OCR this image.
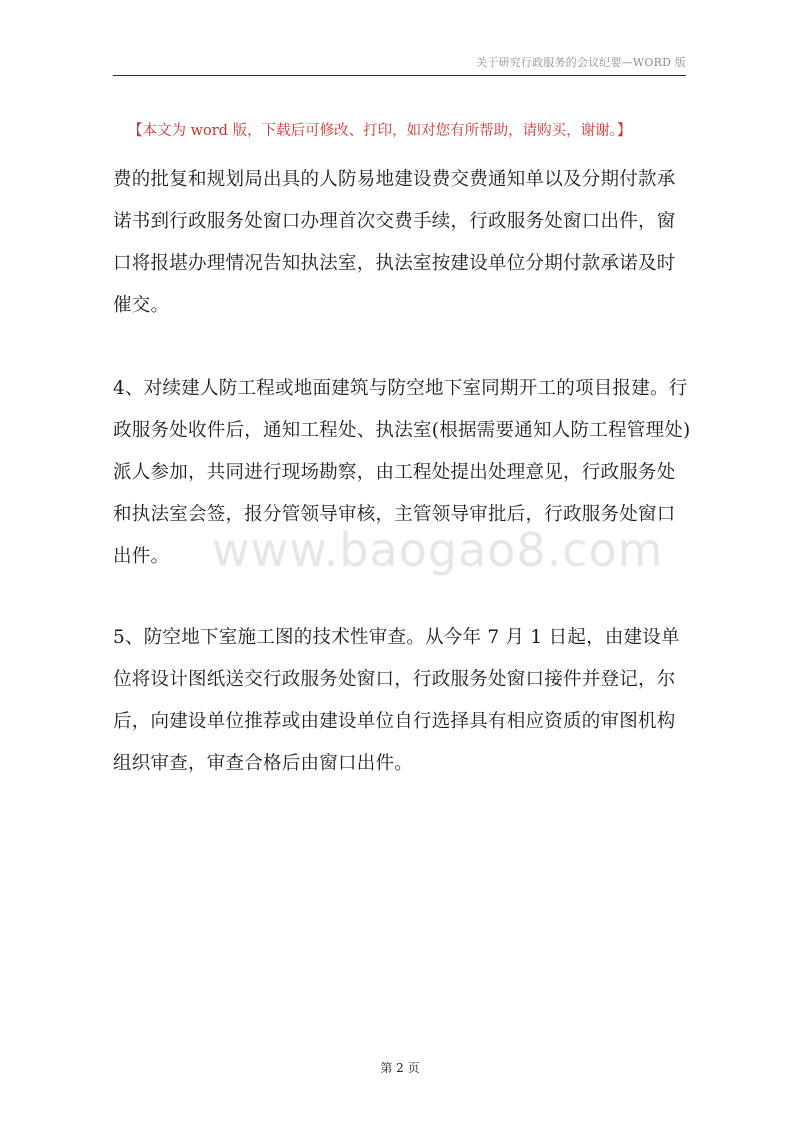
关于研究行政服务的会议纪要—WORD 版
【本文为 word 版，下载后可修改、打印，如对您有所帮助，请购买，谢谢。】

费的批复和规划局出具的人防易地建设费交费通知单以及分期付款承诺书到行政服务处窗口办理首次交费手续，行政服务处窗口出件，窗口将报堪办理情况告知执法室，执法室按建设单位分期付款承诺及时催交。

4、对续建人防工程或地面建筑与防空地下室同期开工的项目报建。行政服务处收件后，通知工程处、执法室(根据需要通知人防工程管理处)派人参加，共同进行现场勘察，由工程处提出处理意见，行政服务处和执法室会签，报分管领导审核，主管领导审批后，行政服务处窗口出件。

5、防空地下室施工图的技术性审查。从今年 7 月 1 日起，由建设单位将设计图纸送交行政服务处窗口，行政服务处窗口接件并登记，尔后，向建设单位推荐或由建设单位自行选择具有相应资质的审图机构组织审查，审查合格后由窗口出件。

www.baogao8.com
第 2 页
